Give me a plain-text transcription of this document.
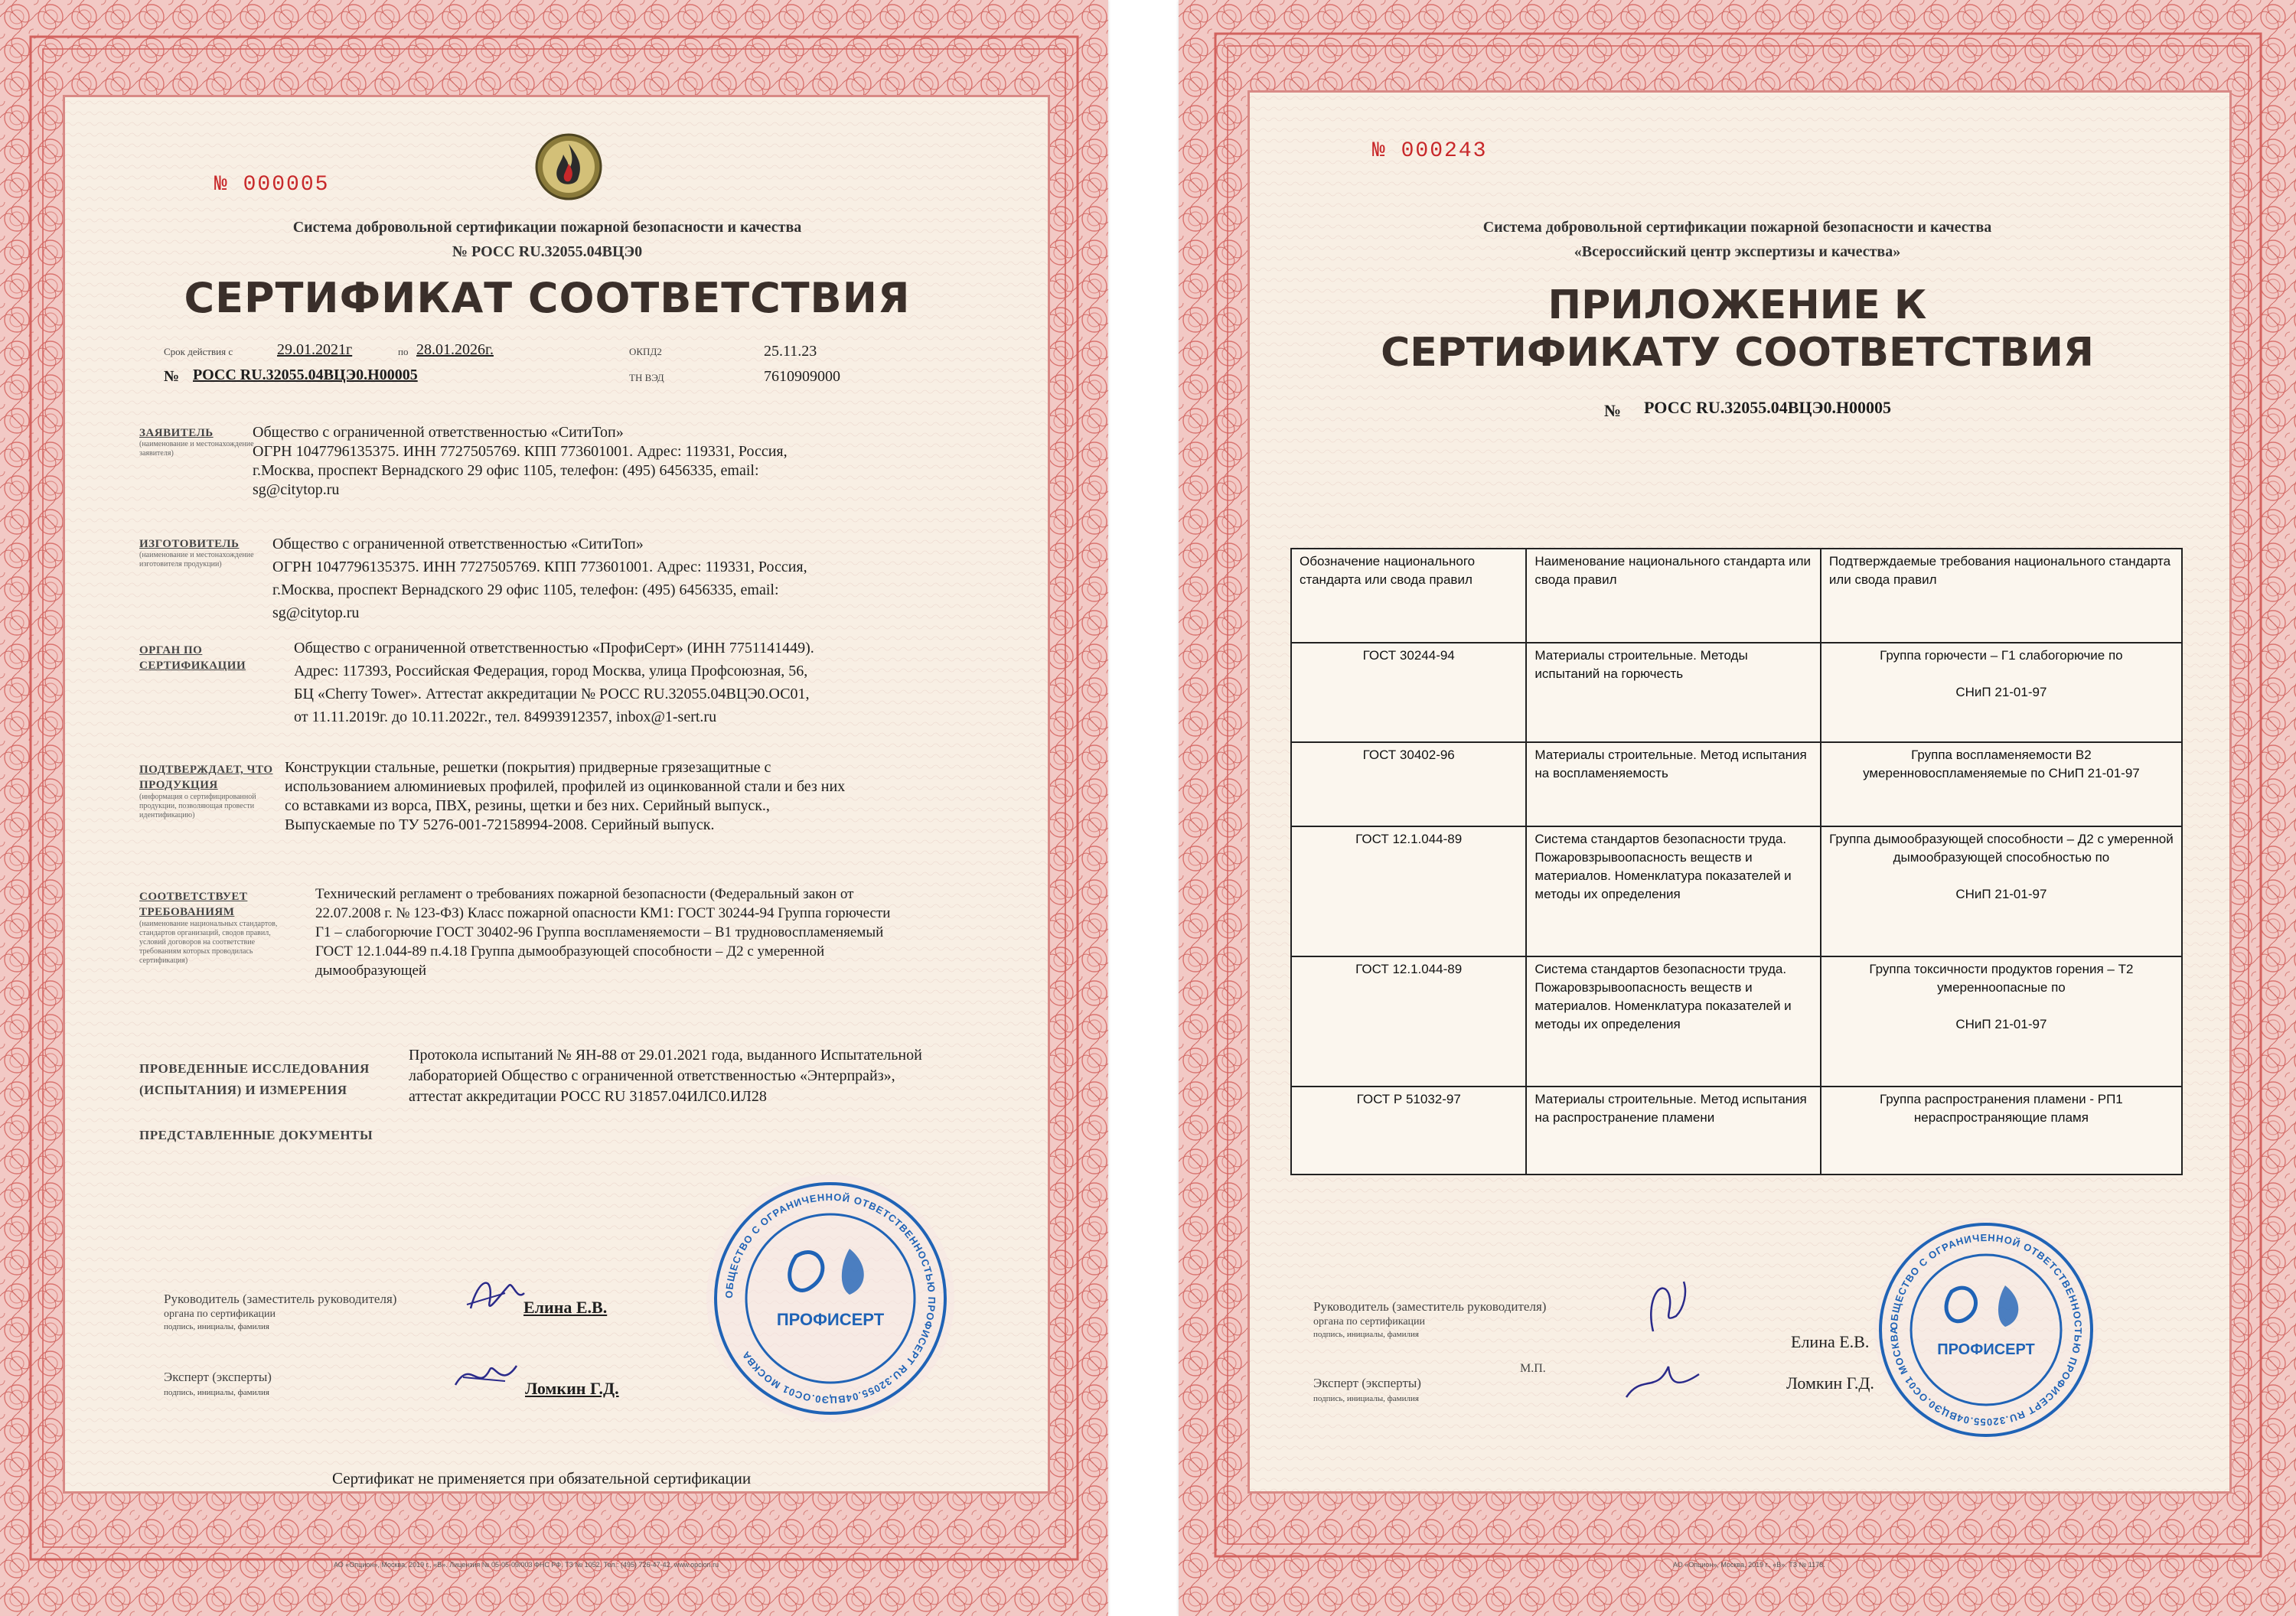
№ 000005
Система добровольной сертификации пожарной безопасности и качества
№ РОСС RU.32055.04ВЦЭ0
СЕРТИФИКАТ СООТВЕТСТВИЯ
Срок действия с	29.01.2021г	по 28.01.2026г.	ОКПД2	25.11.23
ТН ВЭД	7610909000
№ РОСС RU.32055.04ВЦЭ0.Н00005
ЗАЯВИТЕЛЬ
(наименование и местонахождение заявителя)
Общество с ограниченной ответственностью «СитиТоп»
ОГРН 1047796135375. ИНН 7727505769. КПП 773601001. Адрес: 119331, Россия,
г.Москва, проспект Вернадского 29 офис 1105, телефон: (495) 6456335, email:
sg@citytop.ru
ИЗГОТОВИТЕЛЬ
(наименование и местонахождение изготовителя продукции)
Общество с ограниченной ответственностью «СитиТоп»
ОГРН 1047796135375. ИНН 7727505769. КПП 773601001. Адрес: 119331, Россия,
г.Москва, проспект Вернадского 29 офис 1105, телефон: (495) 6456335, email:
sg@citytop.ru
ОРГАН ПО СЕРТИФИКАЦИИ
Общество с ограниченной ответственностью «ПрофиСерт» (ИНН 7751141449).
Адрес: 117393, Российская Федерация, город Москва, улица Профсоюзная, 56,
БЦ «Cherry Tower». Аттестат аккредитации № РОСС RU.32055.04ВЦЭ0.ОС01,
от 11.11.2019г. до 10.11.2022г., тел. 84993912357, inbox@1-sert.ru
ПОДТВЕРЖДАЕТ, ЧТО ПРОДУКЦИЯ
(информация о сертифицированной продукции, позволяющая провести идентификацию)
Конструкции стальные, решетки (покрытия) придверные грязезащитные с
использованием алюминиевых профилей, профилей из оцинкованной стали и без них
со вставками из ворса, ПВХ, резины, щетки и без них. Серийный выпуск.,
Выпускаемые по ТУ 5276-001-72158994-2008. Серийный выпуск.
СООТВЕТСТВУЕТ ТРЕБОВАНИЯМ
(наименование национальных стандартов, стандартов организаций, сводов правил, условий договоров на соответствие требованиям которых проводилась сертификация)
Технический регламент о требованиях пожарной безопасности (Федеральный закон от
22.07.2008 г. № 123-ФЗ) Класс пожарной опасности КМ1: ГОСТ 30244-94 Группа горючести
Г1 – слабогорючие ГОСТ 30402-96 Группа воспламеняемости – В1 трудновоспламеняемый
ГОСТ 12.1.044-89 п.4.18 Группа дымообразующей способности – Д2 с умеренной
дымообразующей
ПРОВЕДЕННЫЕ ИССЛЕДОВАНИЯ (ИСПЫТАНИЯ) И ИЗМЕРЕНИЯ
Протокола испытаний № ЯН-88 от 29.01.2021 года, выданного Испытательной
лабораторией Общество с ограниченной ответственностью «Энтерпрайз»,
аттестат аккредитации РОСС RU 31857.04ИЛС0.ИЛ28
ПРЕДСТАВЛЕННЫЕ ДОКУМЕНТЫ
ОБЩЕСТВО С ОГРАНИЧЕННОЙ ОТВЕТСТВЕННОСТЬЮ ПРОФИСЕРТ RU.32055.04ВЦЭ0.ОС01 МОСКВА
ПРОФИСЕРТ
Руководитель (заместитель руководителя)
органа по сертификации
подпись, инициалы, фамилия
Елина Е.В.
Эксперт (эксперты)
подпись, инициалы, фамилия	Ломкин Г.Д.
Сертификат не применяется при обязательной сертификации
АО «Опцион», Москва, 2019 г., «В». Лицензия № 05-05-09/003 ФНС РФ. ТЗ № 1052. Тел.: (495) 726-47-42, www.opcion.ru
№ 000243
Система добровольной сертификации пожарной безопасности и качества
«Всероссийский центр экспертизы и качества»
ПРИЛОЖЕНИЕ К
СЕРТИФИКАТУ СООТВЕТСТВИЯ
№ РОСС RU.32055.04ВЦЭ0.Н00005
Обозначение национального стандарта или свода правил	Наименование национального стандарта или свода правил	Подтверждаемые требования национального стандарта или свода правил
ГОСТ 30244-94	Материалы строительные. Методы испытаний на горючесть	Группа горючести – Г1 слабогорючие по

СНиП 21-01-97
ГОСТ 30402-96	Материалы строительные. Метод испытания на воспламеняемость	Группа воспламеняемости В2 умеренновоспламеняемые по СНиП 21-01-97
ГОСТ 12.1.044-89	Система стандартов безопасности труда. Пожаровзрывоопасность веществ и материалов. Номенклатура показателей и методы их определения	Группа дымообразующей способности – Д2 с умеренной дымообразующей способностью по

СНиП 21-01-97
ГОСТ 12.1.044-89	Система стандартов безопасности труда. Пожаровзрывоопасность веществ и материалов. Номенклатура показателей и методы их определения	Группа токсичности продуктов горения – Т2 умеренноопасные по

СНиП 21-01-97
ГОСТ Р 51032-97	Материалы строительные. Метод испытания на распространение пламени	Группа распространения пламени - РП1 нераспространяющие пламя
Руководитель (заместитель руководителя)
органа по сертификации
подпись, инициалы, фамилия
М.П.
Елина Е.В.
Эксперт (эксперты)
подпись, инициалы, фамилия
Ломкин Г.Д.
ОБЩЕСТВО С ОГРАНИЧЕННОЙ ОТВЕТСТВЕННОСТЬЮ ПРОФИСЕРТ RU.32055.04ВЦЭ0.ОС01 МОСКВА
ПРОФИСЕРТ
АО «Опцион», Москва, 2019 г., «В». ТЗ № 1178.
